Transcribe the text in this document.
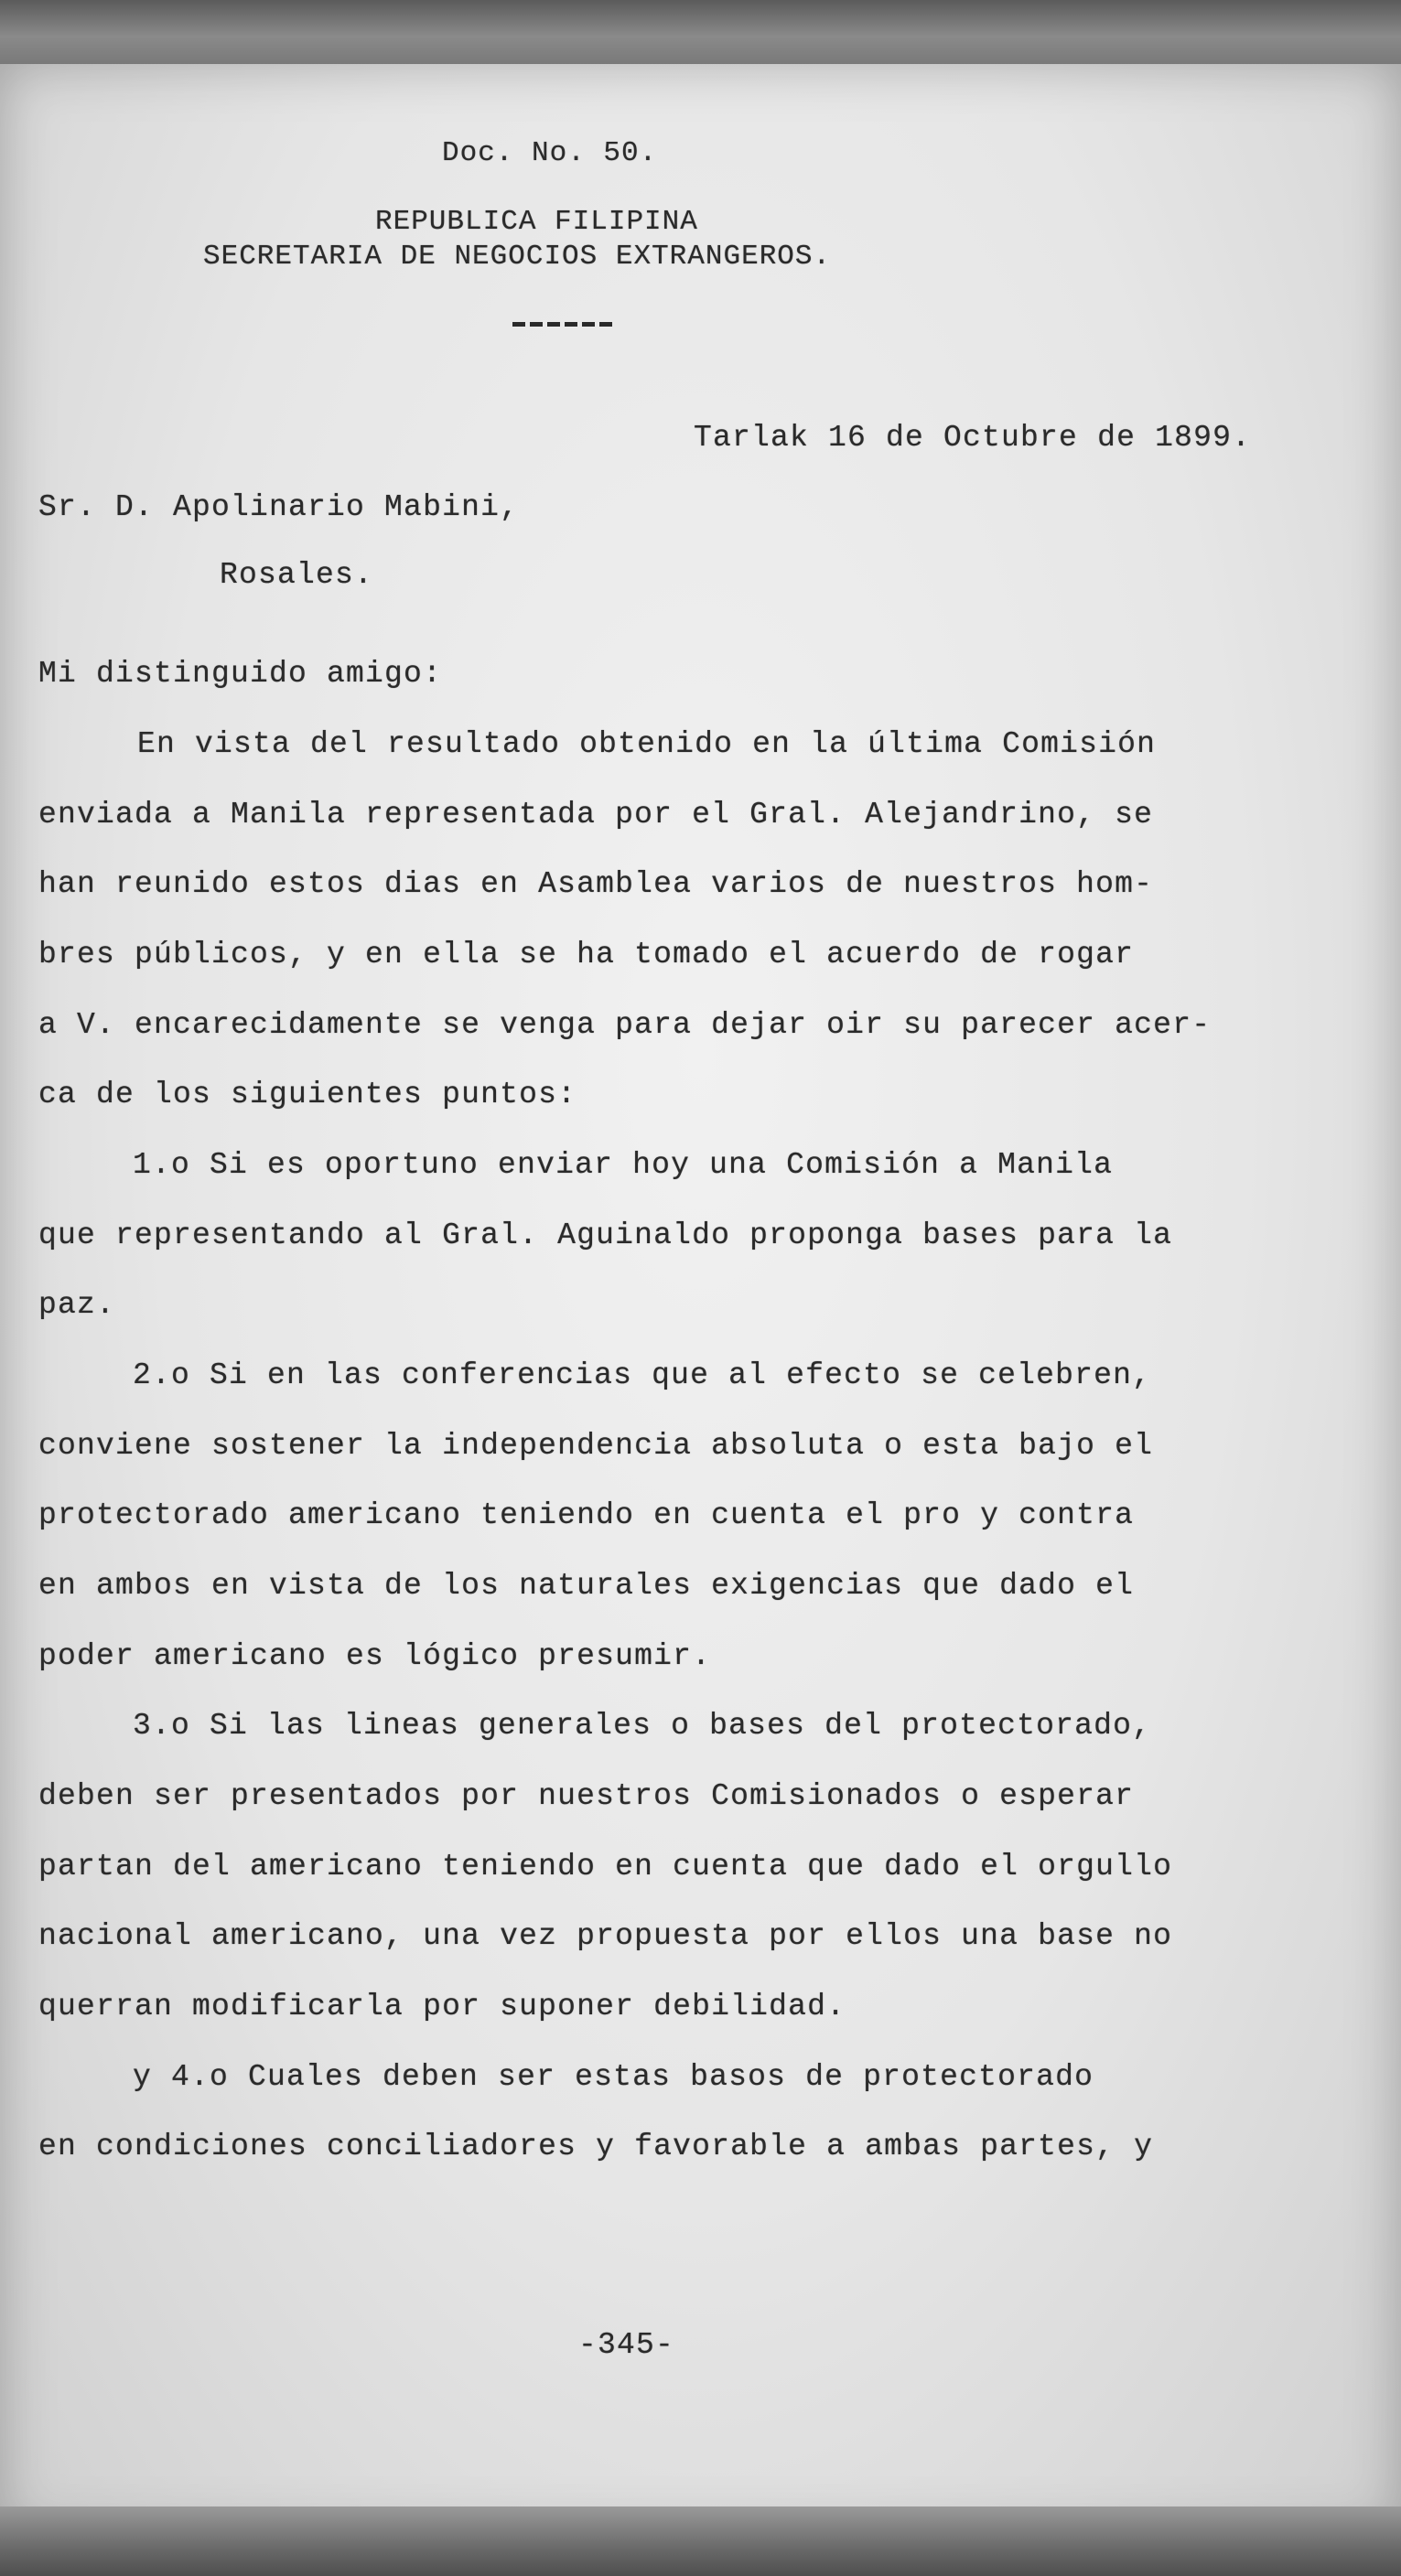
Doc. No. 50.
REPUBLICA FILIPINA
SECRETARIA DE NEGOCIOS EXTRANGEROS.
Tarlak 16 de Octubre de 1899.
Sr. D. Apolinario Mabini,
Rosales.
Mi distinguido amigo:
En vista del resultado obtenido en la última Comisión
enviada a Manila representada por el Gral. Alejandrino, se
han reunido estos dias en Asamblea varios de nuestros hom-
bres públicos, y en ella se ha tomado el acuerdo de rogar
a V. encarecidamente se venga para dejar oir su parecer acer-
ca de los siguientes puntos:
1.o Si es oportuno enviar hoy una Comisión a Manila
que representando al Gral. Aguinaldo proponga bases para la
paz.
2.o Si en las conferencias que al efecto se celebren,
conviene sostener la independencia absoluta o esta bajo el
protectorado americano teniendo en cuenta el pro y contra
en ambos en vista de los naturales exigencias que dado el
poder americano es lógico presumir.
3.o Si las lineas generales o bases del protectorado,
deben ser presentados por nuestros Comisionados o esperar
partan del americano teniendo en cuenta que dado el orgullo
nacional americano, una vez propuesta por ellos una base no
querran modificarla por suponer debilidad.
y 4.o Cuales deben ser estas basos de protectorado
en condiciones conciliadores y favorable a ambas partes, y
-345-
